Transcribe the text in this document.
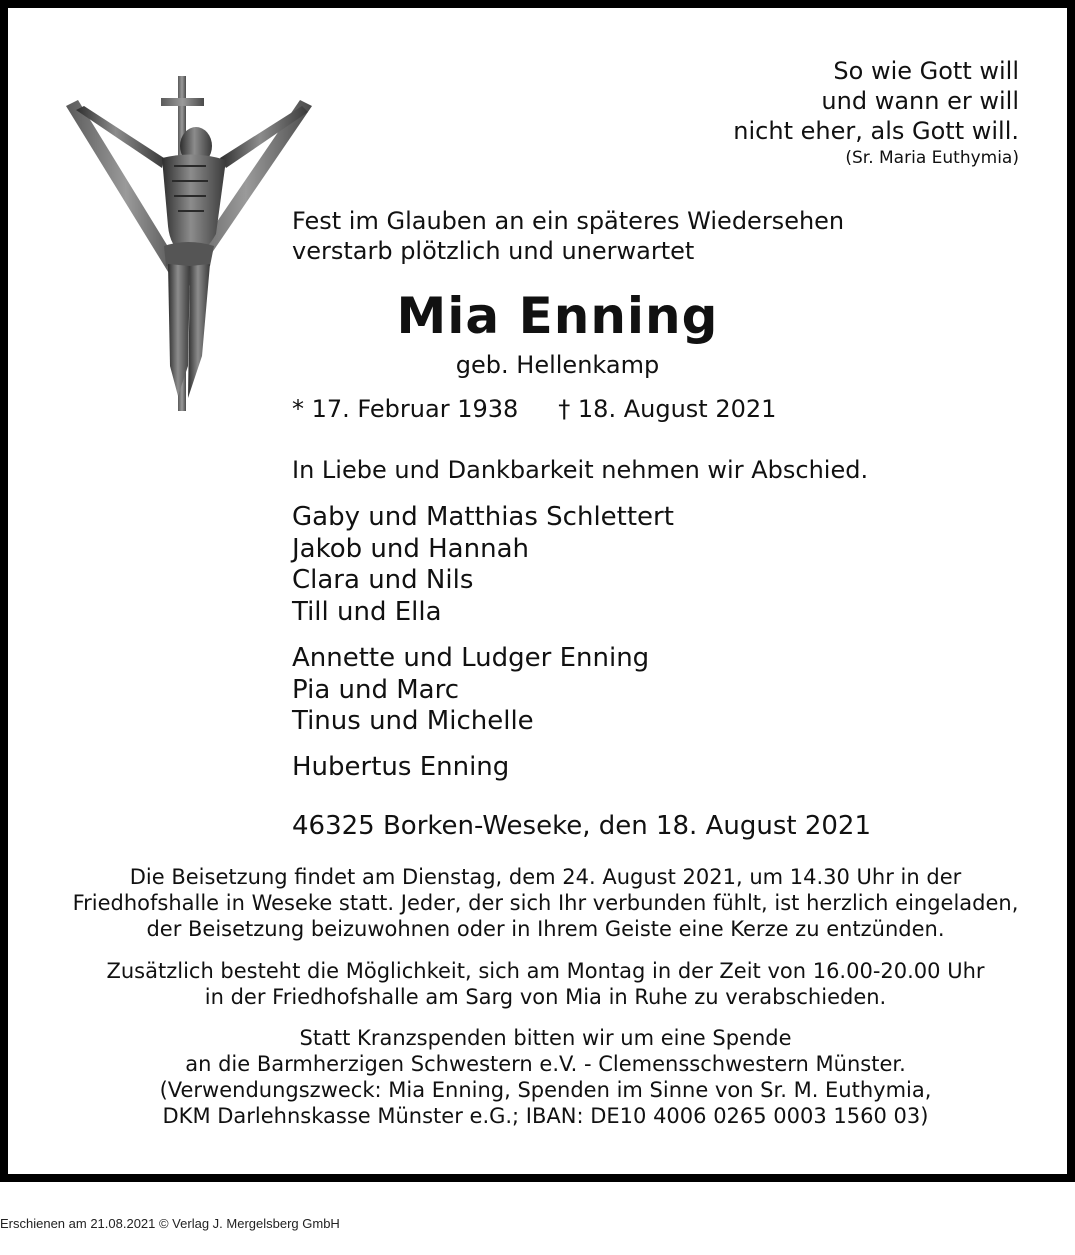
So wie Gott will
und wann er will
nicht eher, als Gott will.
(Sr. Maria Euthymia)
Fest im Glauben an ein späteres Wiedersehen
verstarb plötzlich und unerwartet
Mia Enning
geb. Hellenkamp
* 17. Februar 1938 † 18. August 2021
In Liebe und Dankbarkeit nehmen wir Abschied.
Gaby und Matthias Schlettert
Jakob und Hannah
Clara und Nils
Till und Ella
Annette und Ludger Enning
Pia und Marc
Tinus und Michelle
Hubertus Enning
46325 Borken-Weseke, den 18. August 2021
Die Beisetzung findet am Dienstag, dem 24. August 2021, um 14.30 Uhr in der
Friedhofshalle in Weseke statt. Jeder, der sich Ihr verbunden fühlt, ist herzlich eingeladen,
der Beisetzung beizuwohnen oder in Ihrem Geiste eine Kerze zu entzünden.
Zusätzlich besteht die Möglichkeit, sich am Montag in der Zeit von 16.00-20.00 Uhr
in der Friedhofshalle am Sarg von Mia in Ruhe zu verabschieden.
Statt Kranzspenden bitten wir um eine Spende
an die Barmherzigen Schwestern e.V. - Clemensschwestern Münster.
(Verwendungszweck: Mia Enning, Spenden im Sinne von Sr. M. Euthymia,
DKM Darlehnskasse Münster e.G.; IBAN: DE10 4006 0265 0003 1560 03)
Erschienen am 21.08.2021 © Verlag J. Mergelsberg GmbH
